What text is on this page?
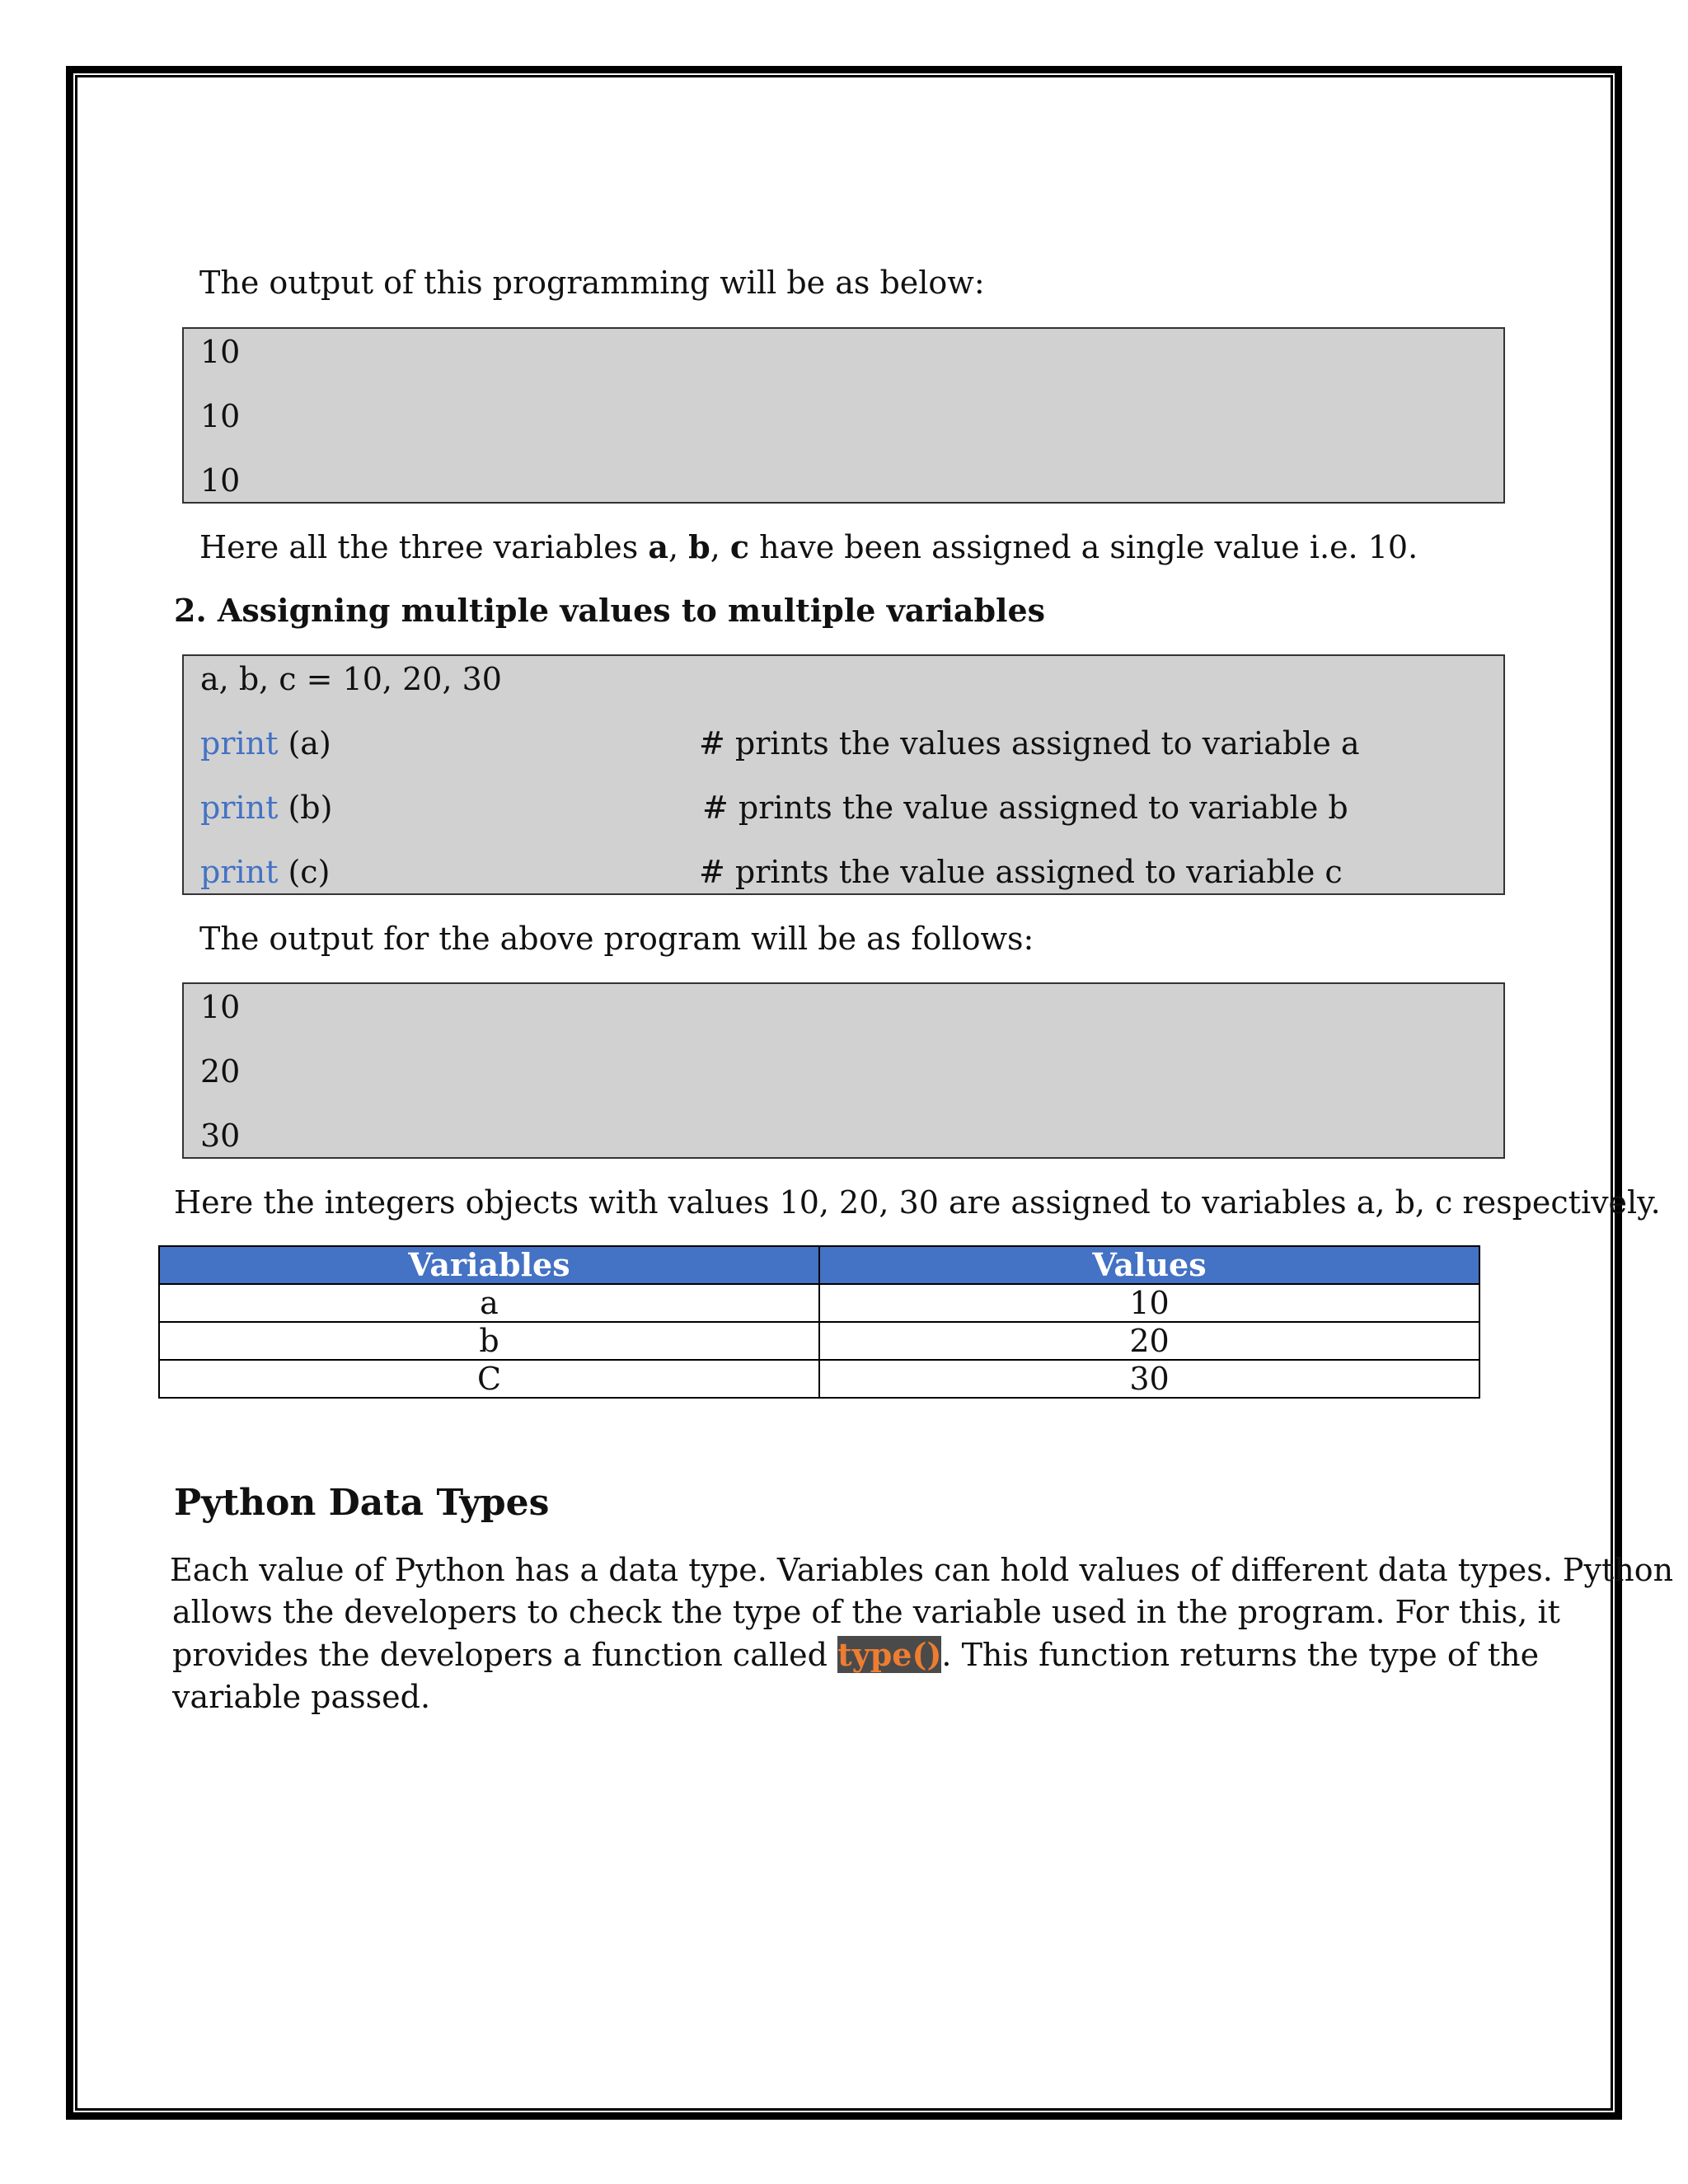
The output of this programming will be as below:
10
10
10
Here all the three variables a, b, c have been assigned a single value i.e. 10.
2. Assigning multiple values to multiple variables
a, b, c = 10, 20, 30
print (a)	# prints the values assigned to variable a
print (b)	# prints the value assigned to variable b
print (c)	# prints the value assigned to variable c
The output for the above program will be as follows:
10
20
30
Here the integers objects with values 10, 20, 30 are assigned to variables a, b, c respectively.
Variables	Values
a	10
b	20
C	30
Python Data Types
Each value of Python has a data type. Variables can hold values of different data types. Python
allows the developers to check the type of the variable used in the program. For this, it
provides the developers a function called type(). This function returns the type of the
variable passed.
